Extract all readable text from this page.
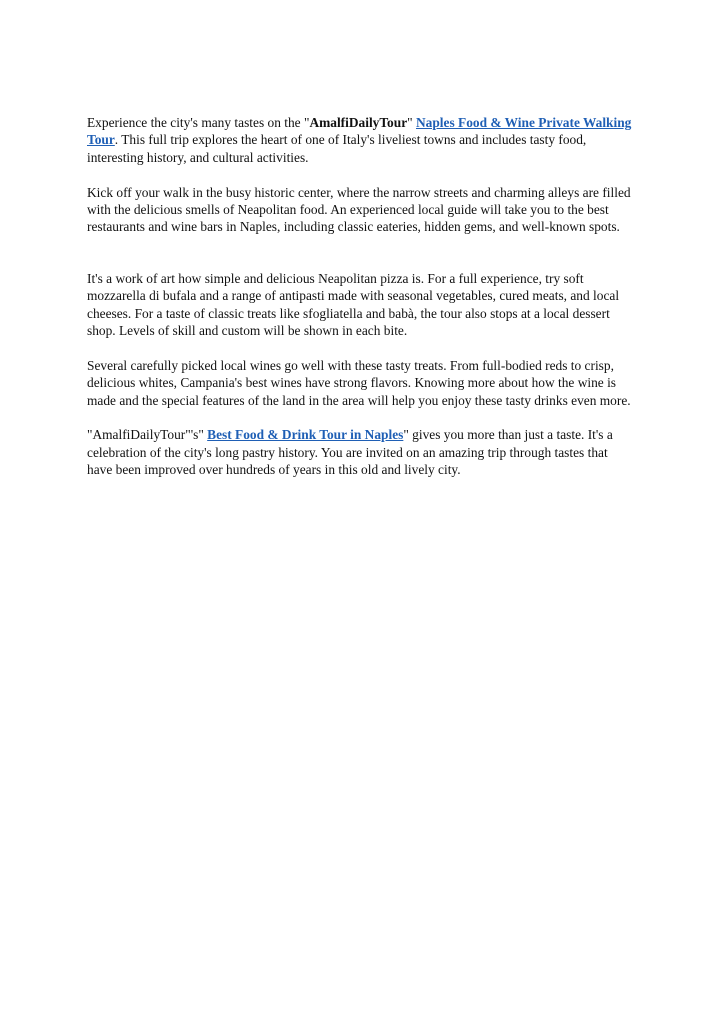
Experience the city's many tastes on the "AmalfiDailyTour" Naples Food & Wine Private Walking Tour. This full trip explores the heart of one of Italy's liveliest towns and includes tasty food, interesting history, and cultural activities.

Kick off your walk in the busy historic center, where the narrow streets and charming alleys are filled with the delicious smells of Neapolitan food. An experienced local guide will take you to the best restaurants and wine bars in Naples, including classic eateries, hidden gems, and well-known spots.

It's a work of art how simple and delicious Neapolitan pizza is. For a full experience, try soft mozzarella di bufala and a range of antipasti made with seasonal vegetables, cured meats, and local cheeses. For a taste of classic treats like sfogliatella and babà, the tour also stops at a local dessert shop. Levels of skill and custom will be shown in each bite.

Several carefully picked local wines go well with these tasty treats. From full-bodied reds to crisp, delicious whites, Campania's best wines have strong flavors. Knowing more about how the wine is made and the special features of the land in the area will help you enjoy these tasty drinks even more.

"AmalfiDailyTour"'s" Best Food & Drink Tour in Naples" gives you more than just a taste. It's a celebration of the city's long pastry history. You are invited on an amazing trip through tastes that have been improved over hundreds of years in this old and lively city.
